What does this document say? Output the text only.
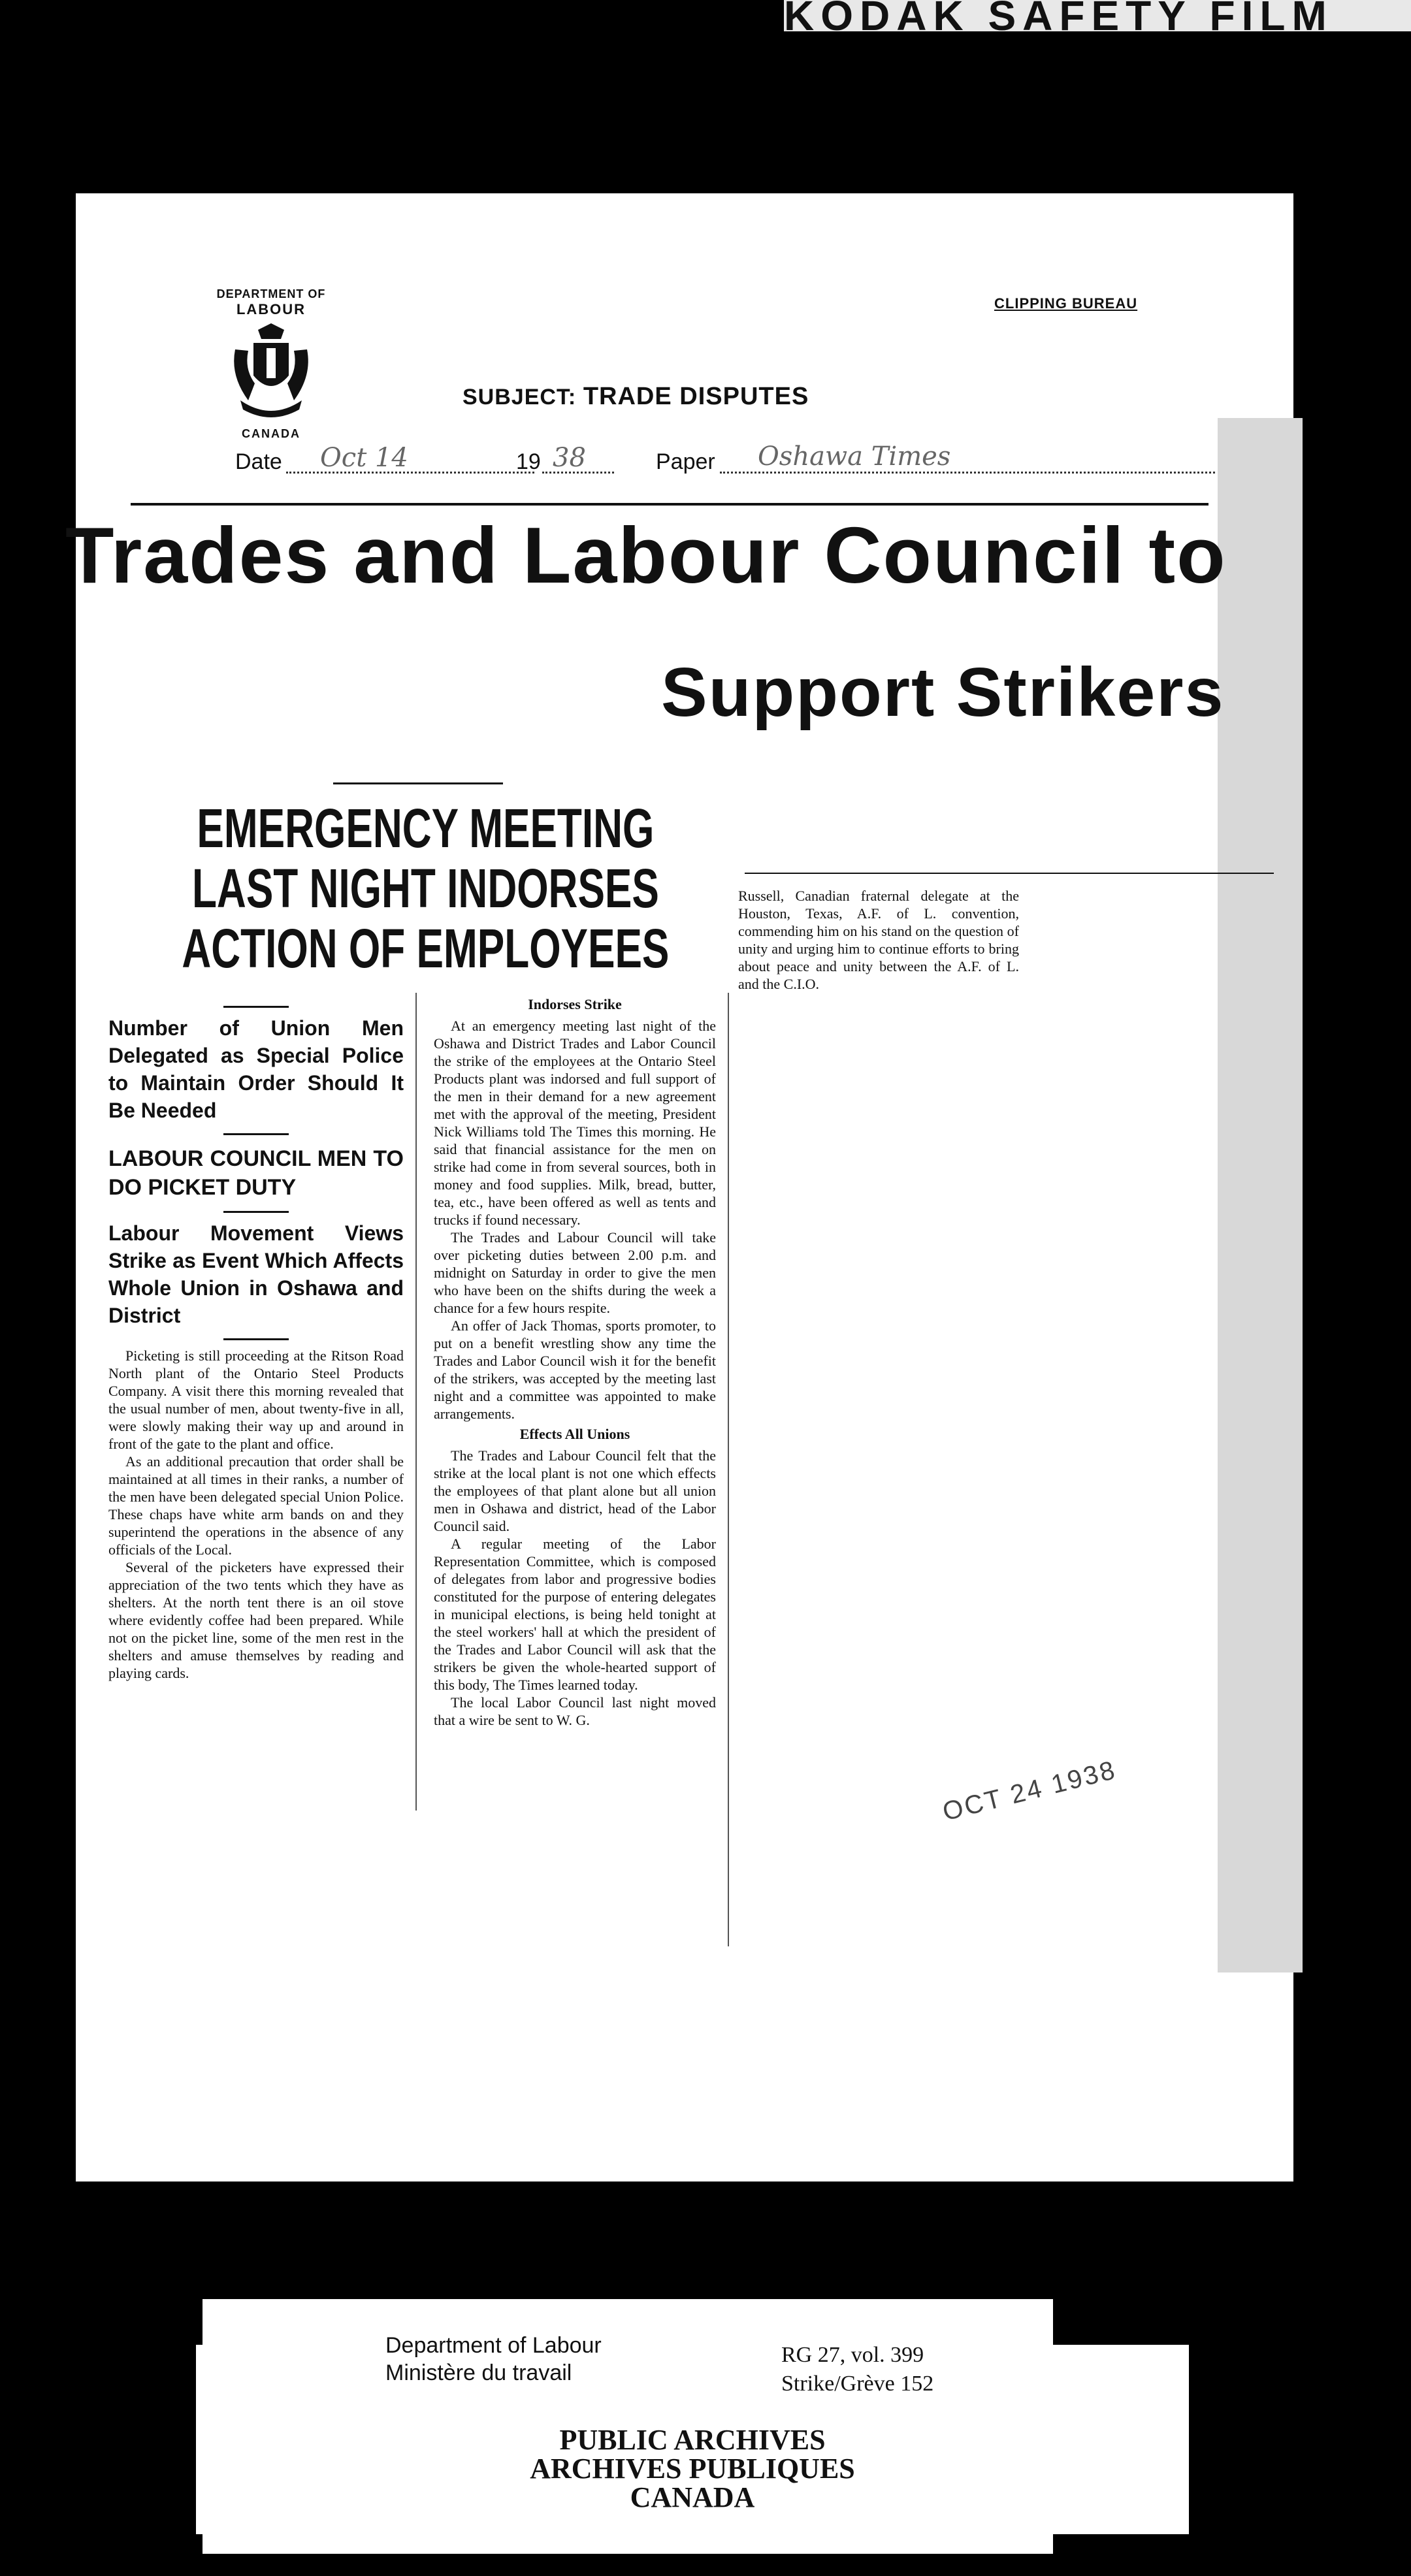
KODAK SAFETY FILM
DEPARTMENT OF
LABOUR
CANADA
CLIPPING BUREAU
SUBJECT: TRADE DISPUTES
Date Oct 14	19 38	Paper Oshawa Times
Trades and Labour Council to
Support Strikers
EMERGENCY MEETING
LAST NIGHT INDORSES
ACTION OF EMPLOYEES
Number of Union Men Delegated as Special Police to Maintain Order Should It Be Needed
LABOUR COUNCIL MEN TO DO PICKET DUTY
Labour Movement Views Strike as Event Which Affects Whole Union in Oshawa and District

Picketing is still proceeding at the Ritson Road North plant of the Ontario Steel Products Company. A visit there this morning revealed that the usual number of men, about twenty-five in all, were slowly making their way up and around in front of the gate to the plant and office.

As an additional precaution that order shall be maintained at all times in their ranks, a number of the men have been delegated special Union Police. These chaps have white arm bands on and they superintend the operations in the absence of any officials of the Local.

Several of the picketers have expressed their appreciation of the two tents which they have as shelters. At the north tent there is an oil stove where evidently coffee had been prepared. While not on the picket line, some of the men rest in the shelters and amuse themselves by reading and playing cards.

Indorses Strike

At an emergency meeting last night of the Oshawa and District Trades and Labor Council the strike of the employees at the Ontario Steel Products plant was indorsed and full support of the men in their demand for a new agreement met with the approval of the meeting, President Nick Williams told The Times this morning. He said that financial assistance for the men on strike had come in from several sources, both in money and food supplies. Milk, bread, butter, tea, etc., have been offered as well as tents and trucks if found necessary.

The Trades and Labour Council will take over picketing duties between 2.00 p.m. and midnight on Saturday in order to give the men who have been on the shifts during the week a chance for a few hours respite.

An offer of Jack Thomas, sports promoter, to put on a benefit wrestling show any time the Trades and Labor Council wish it for the benefit of the strikers, was accepted by the meeting last night and a committee was appointed to make arrangements.

Effects All Unions

The Trades and Labour Council felt that the strike at the local plant is not one which effects the employees of that plant alone but all union men in Oshawa and district, head of the Labor Council said.

A regular meeting of the Labor Representation Committee, which is composed of delegates from labor and progressive bodies constituted for the purpose of entering delegates in municipal elections, is being held tonight at the steel workers' hall at which the president of the Trades and Labor Council will ask that the strikers be given the whole-hearted support of this body, The Times learned today.

The local Labor Council last night moved that a wire be sent to W. G.

Russell, Canadian fraternal delegate at the Houston, Texas, A.F. of L. convention, commending him on his stand on the question of unity and urging him to continue efforts to bring about peace and unity between the A.F. of L. and the C.I.O.

OCT 24 1938
Department of Labour
Ministère du travail
RG 27, vol. 399
Strike/Grève 152
PUBLIC ARCHIVES
ARCHIVES PUBLIQUES
CANADA
